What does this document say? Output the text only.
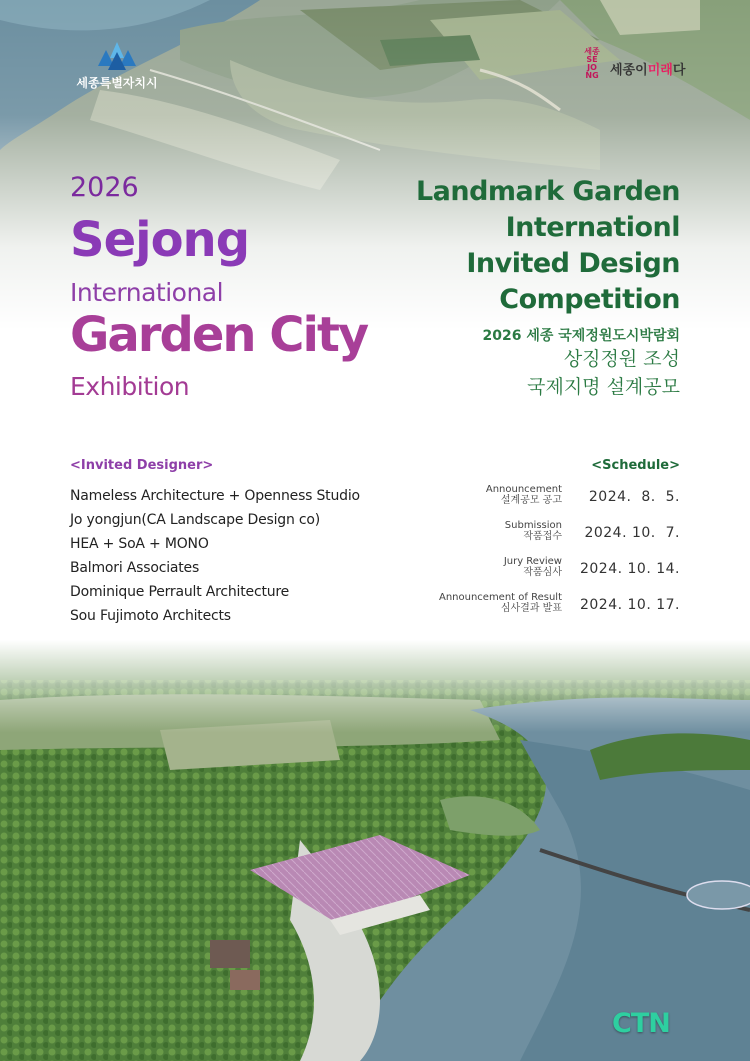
세종특별자치시
세종
SE
JO
NG 세종이미래다
2026
Sejong
International
Garden City
Exhibition
Landmark Garden
Internationl
Invited Design
Competition
2026 세종 국제정원도시박람회
상징정원 조성
국제지명 설계공모
<Invited Designer>
Nameless Architecture + Openness Studio
Jo yongjun(CA Landscape Design co)
HEA + SoA + MONO
Balmori Associates
Dominique Perrault Architecture
Sou Fujimoto Architects
<Schedule>
Announcement
설계공모 공고 2024.  8.  5.
Submission
작품접수 2024. 10.  7.
Jury Review
작품심사 2024. 10. 14.
Announcement of Result
심사결과 발표 2024. 10. 17.
CTN
